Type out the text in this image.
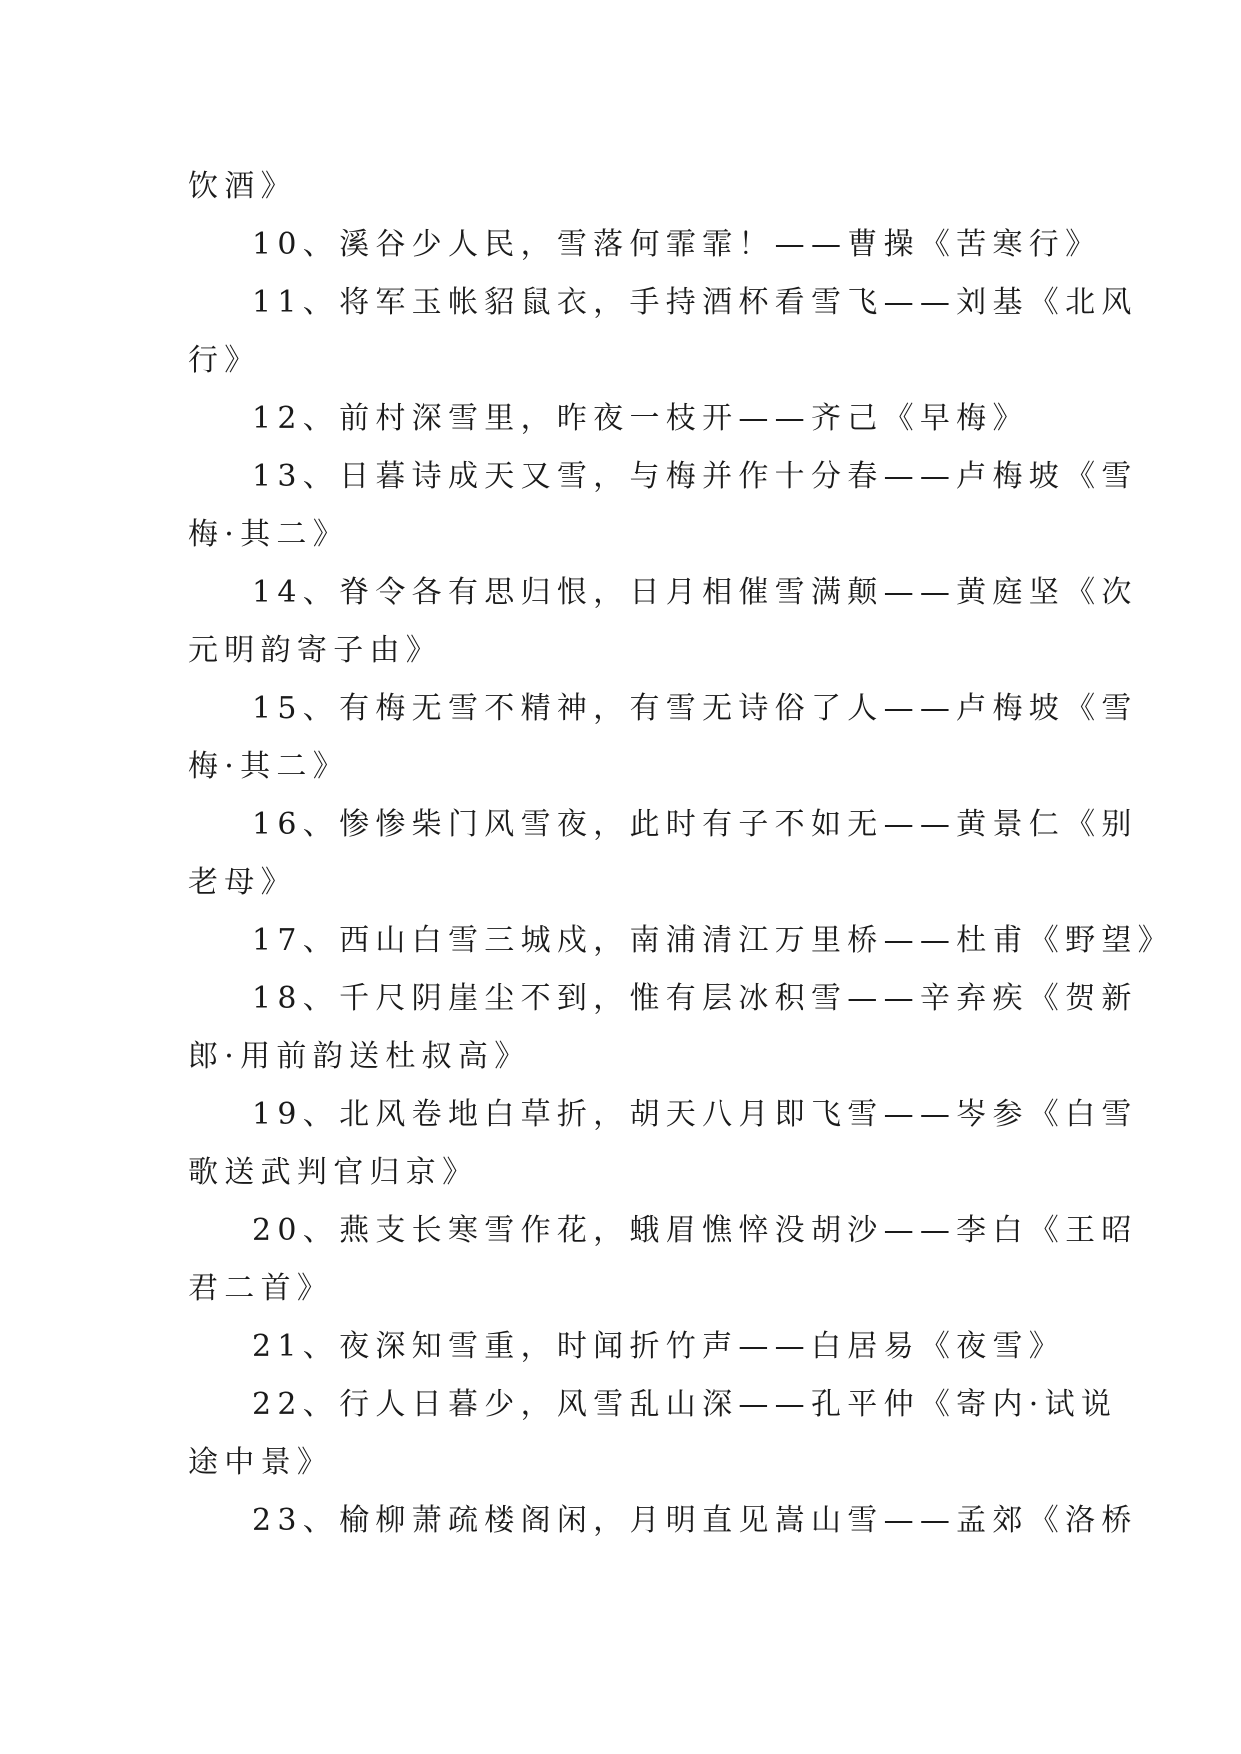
饮酒》
10、溪谷少人民，雪落何霏霏！——曹操《苦寒行》
11、将军玉帐貂鼠衣，手持酒杯看雪飞——刘基《北风
行》
12、前村深雪里，昨夜一枝开——齐己《早梅》
13、日暮诗成天又雪，与梅并作十分春——卢梅坡《雪
梅·其二》
14、脊令各有思归恨，日月相催雪满颠——黄庭坚《次
元明韵寄子由》
15、有梅无雪不精神，有雪无诗俗了人——卢梅坡《雪
梅·其二》
16、惨惨柴门风雪夜，此时有子不如无——黄景仁《别
老母》
17、西山白雪三城戍，南浦清江万里桥——杜甫《野望》
18、千尺阴崖尘不到，惟有层冰积雪——辛弃疾《贺新
郎·用前韵送杜叔高》
19、北风卷地白草折，胡天八月即飞雪——岑参《白雪
歌送武判官归京》
20、燕支长寒雪作花，蛾眉憔悴没胡沙——李白《王昭
君二首》
21、夜深知雪重，时闻折竹声——白居易《夜雪》
22、行人日暮少，风雪乱山深——孔平仲《寄内·试说
途中景》
23、榆柳萧疏楼阁闲，月明直见嵩山雪——孟郊《洛桥
